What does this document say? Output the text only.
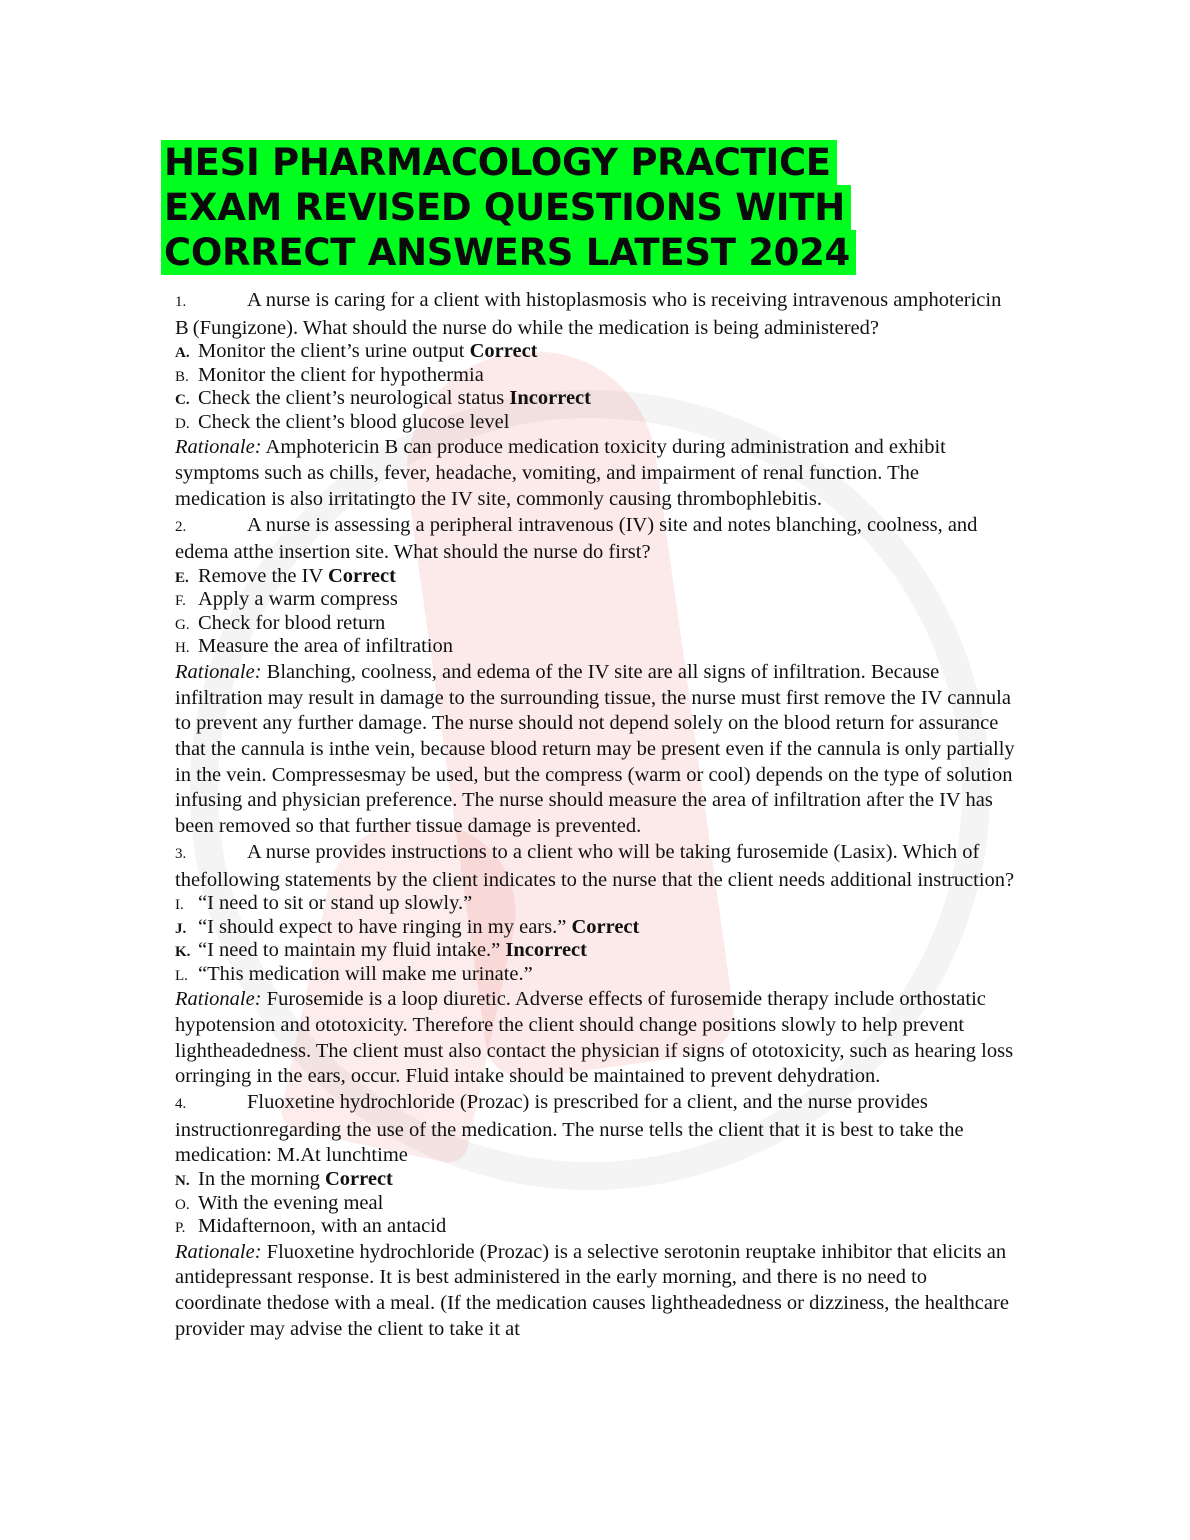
HESI PHARMACOLOGY PRACTICE
EXAM REVISED QUESTIONS WITH
CORRECT ANSWERS LATEST 2024

1.	A nurse is caring for a client with histoplasmosis who is receiving intravenous amphotericin B (Fungizone). What should the nurse do while the medication is being administered?

A. Monitor the client’s urine output Correct

B. Monitor the client for hypothermia

C. Check the client’s neurological status Incorrect

D. Check the client’s blood glucose level

Rationale: Amphotericin B can produce medication toxicity during administration and exhibit symptoms such as chills, fever, headache, vomiting, and impairment of renal function. The medication is also irritatingto the IV site, commonly causing thrombophlebitis.

2.	A nurse is assessing a peripheral intravenous (IV) site and notes blanching, coolness, and edema atthe insertion site. What should the nurse do first?

E. Remove the IV Correct

F. Apply a warm compress

G. Check for blood return

H. Measure the area of infiltration

Rationale: Blanching, coolness, and edema of the IV site are all signs of infiltration. Because infiltration may result in damage to the surrounding tissue, the nurse must first remove the IV cannula to prevent any further damage. The nurse should not depend solely on the blood return for assurance that the cannula is inthe vein, because blood return may be present even if the cannula is only partially in the vein. Compressesmay be used, but the compress (warm or cool) depends on the type of solution infusing and physician preference. The nurse should measure the area of infiltration after the IV has been removed so that further tissue damage is prevented.

3.	A nurse provides instructions to a client who will be taking furosemide (Lasix). Which of thefollowing statements by the client indicates to the nurse that the client needs additional instruction?

I. “I need to sit or stand up slowly.”

J. “I should expect to have ringing in my ears.” Correct

K. “I need to maintain my fluid intake.” Incorrect

L. “This medication will make me urinate.”

Rationale: Furosemide is a loop diuretic. Adverse effects of furosemide therapy include orthostatic hypotension and ototoxicity. Therefore the client should change positions slowly to help prevent lightheadedness. The client must also contact the physician if signs of ototoxicity, such as hearing loss orringing in the ears, occur. Fluid intake should be maintained to prevent dehydration.

4.	Fluoxetine hydrochloride (Prozac) is prescribed for a client, and the nurse provides instructionregarding the use of the medication. The nurse tells the client that it is best to take the medication: M.At lunchtime

N. In the morning Correct

O. With the evening meal

P. Midafternoon, with an antacid

Rationale: Fluoxetine hydrochloride (Prozac) is a selective serotonin reuptake inhibitor that elicits an antidepressant response. It is best administered in the early morning, and there is no need to coordinate thedose with a meal. (If the medication causes lightheadedness or dizziness, the healthcare provider may advise the client to take it at
